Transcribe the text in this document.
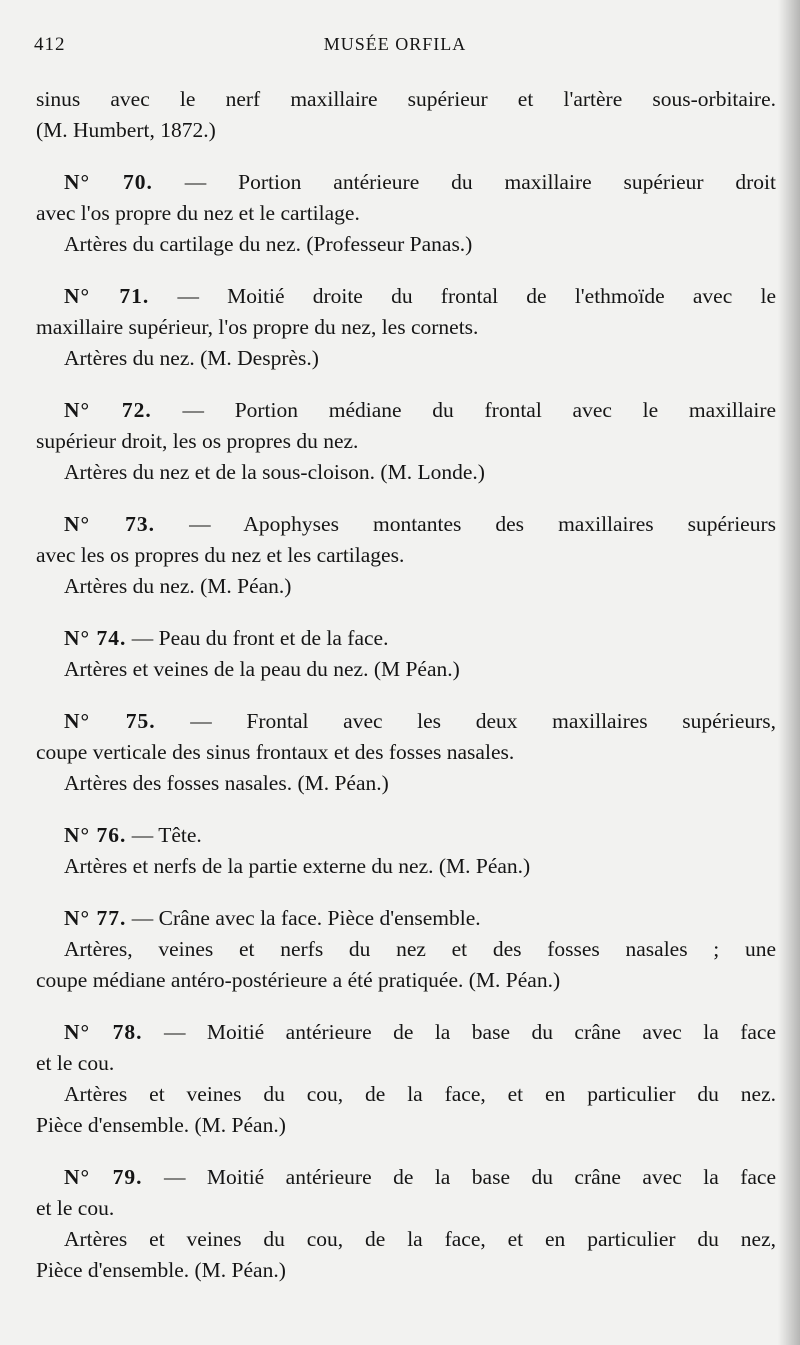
412	MUSÉE ORFILA
sinus avec le nerf maxillaire supérieur et l'artère sous-orbitaire.
(M. Humbert, 1872.)
N° 70. — Portion antérieure du maxillaire supérieur droit
avec l'os propre du nez et le cartilage.
Artères du cartilage du nez. (Professeur Panas.)
N° 71. — Moitié droite du frontal de l'ethmoïde avec le
maxillaire supérieur, l'os propre du nez, les cornets.
Artères du nez. (M. Desprès.)
N° 72. — Portion médiane du frontal avec le maxillaire
supérieur droit, les os propres du nez.
Artères du nez et de la sous-cloison. (M. Londe.)
N° 73. — Apophyses montantes des maxillaires supérieurs
avec les os propres du nez et les cartilages.
Artères du nez. (M. Péan.)
N° 74. — Peau du front et de la face.
Artères et veines de la peau du nez. (M Péan.)
N° 75. — Frontal avec les deux maxillaires supérieurs,
coupe verticale des sinus frontaux et des fosses nasales.
Artères des fosses nasales. (M. Péan.)
N° 76. — Tête.
Artères et nerfs de la partie externe du nez. (M. Péan.)
N° 77. — Crâne avec la face. Pièce d'ensemble.
Artères, veines et nerfs du nez et des fosses nasales ; une
coupe médiane antéro-postérieure a été pratiquée. (M. Péan.)
N° 78. — Moitié antérieure de la base du crâne avec la face
et le cou.
Artères et veines du cou, de la face, et en particulier du nez.
Pièce d'ensemble. (M. Péan.)
N° 79. — Moitié antérieure de la base du crâne avec la face
et le cou.
Artères et veines du cou, de la face, et en particulier du nez,
Pièce d'ensemble. (M. Péan.)
